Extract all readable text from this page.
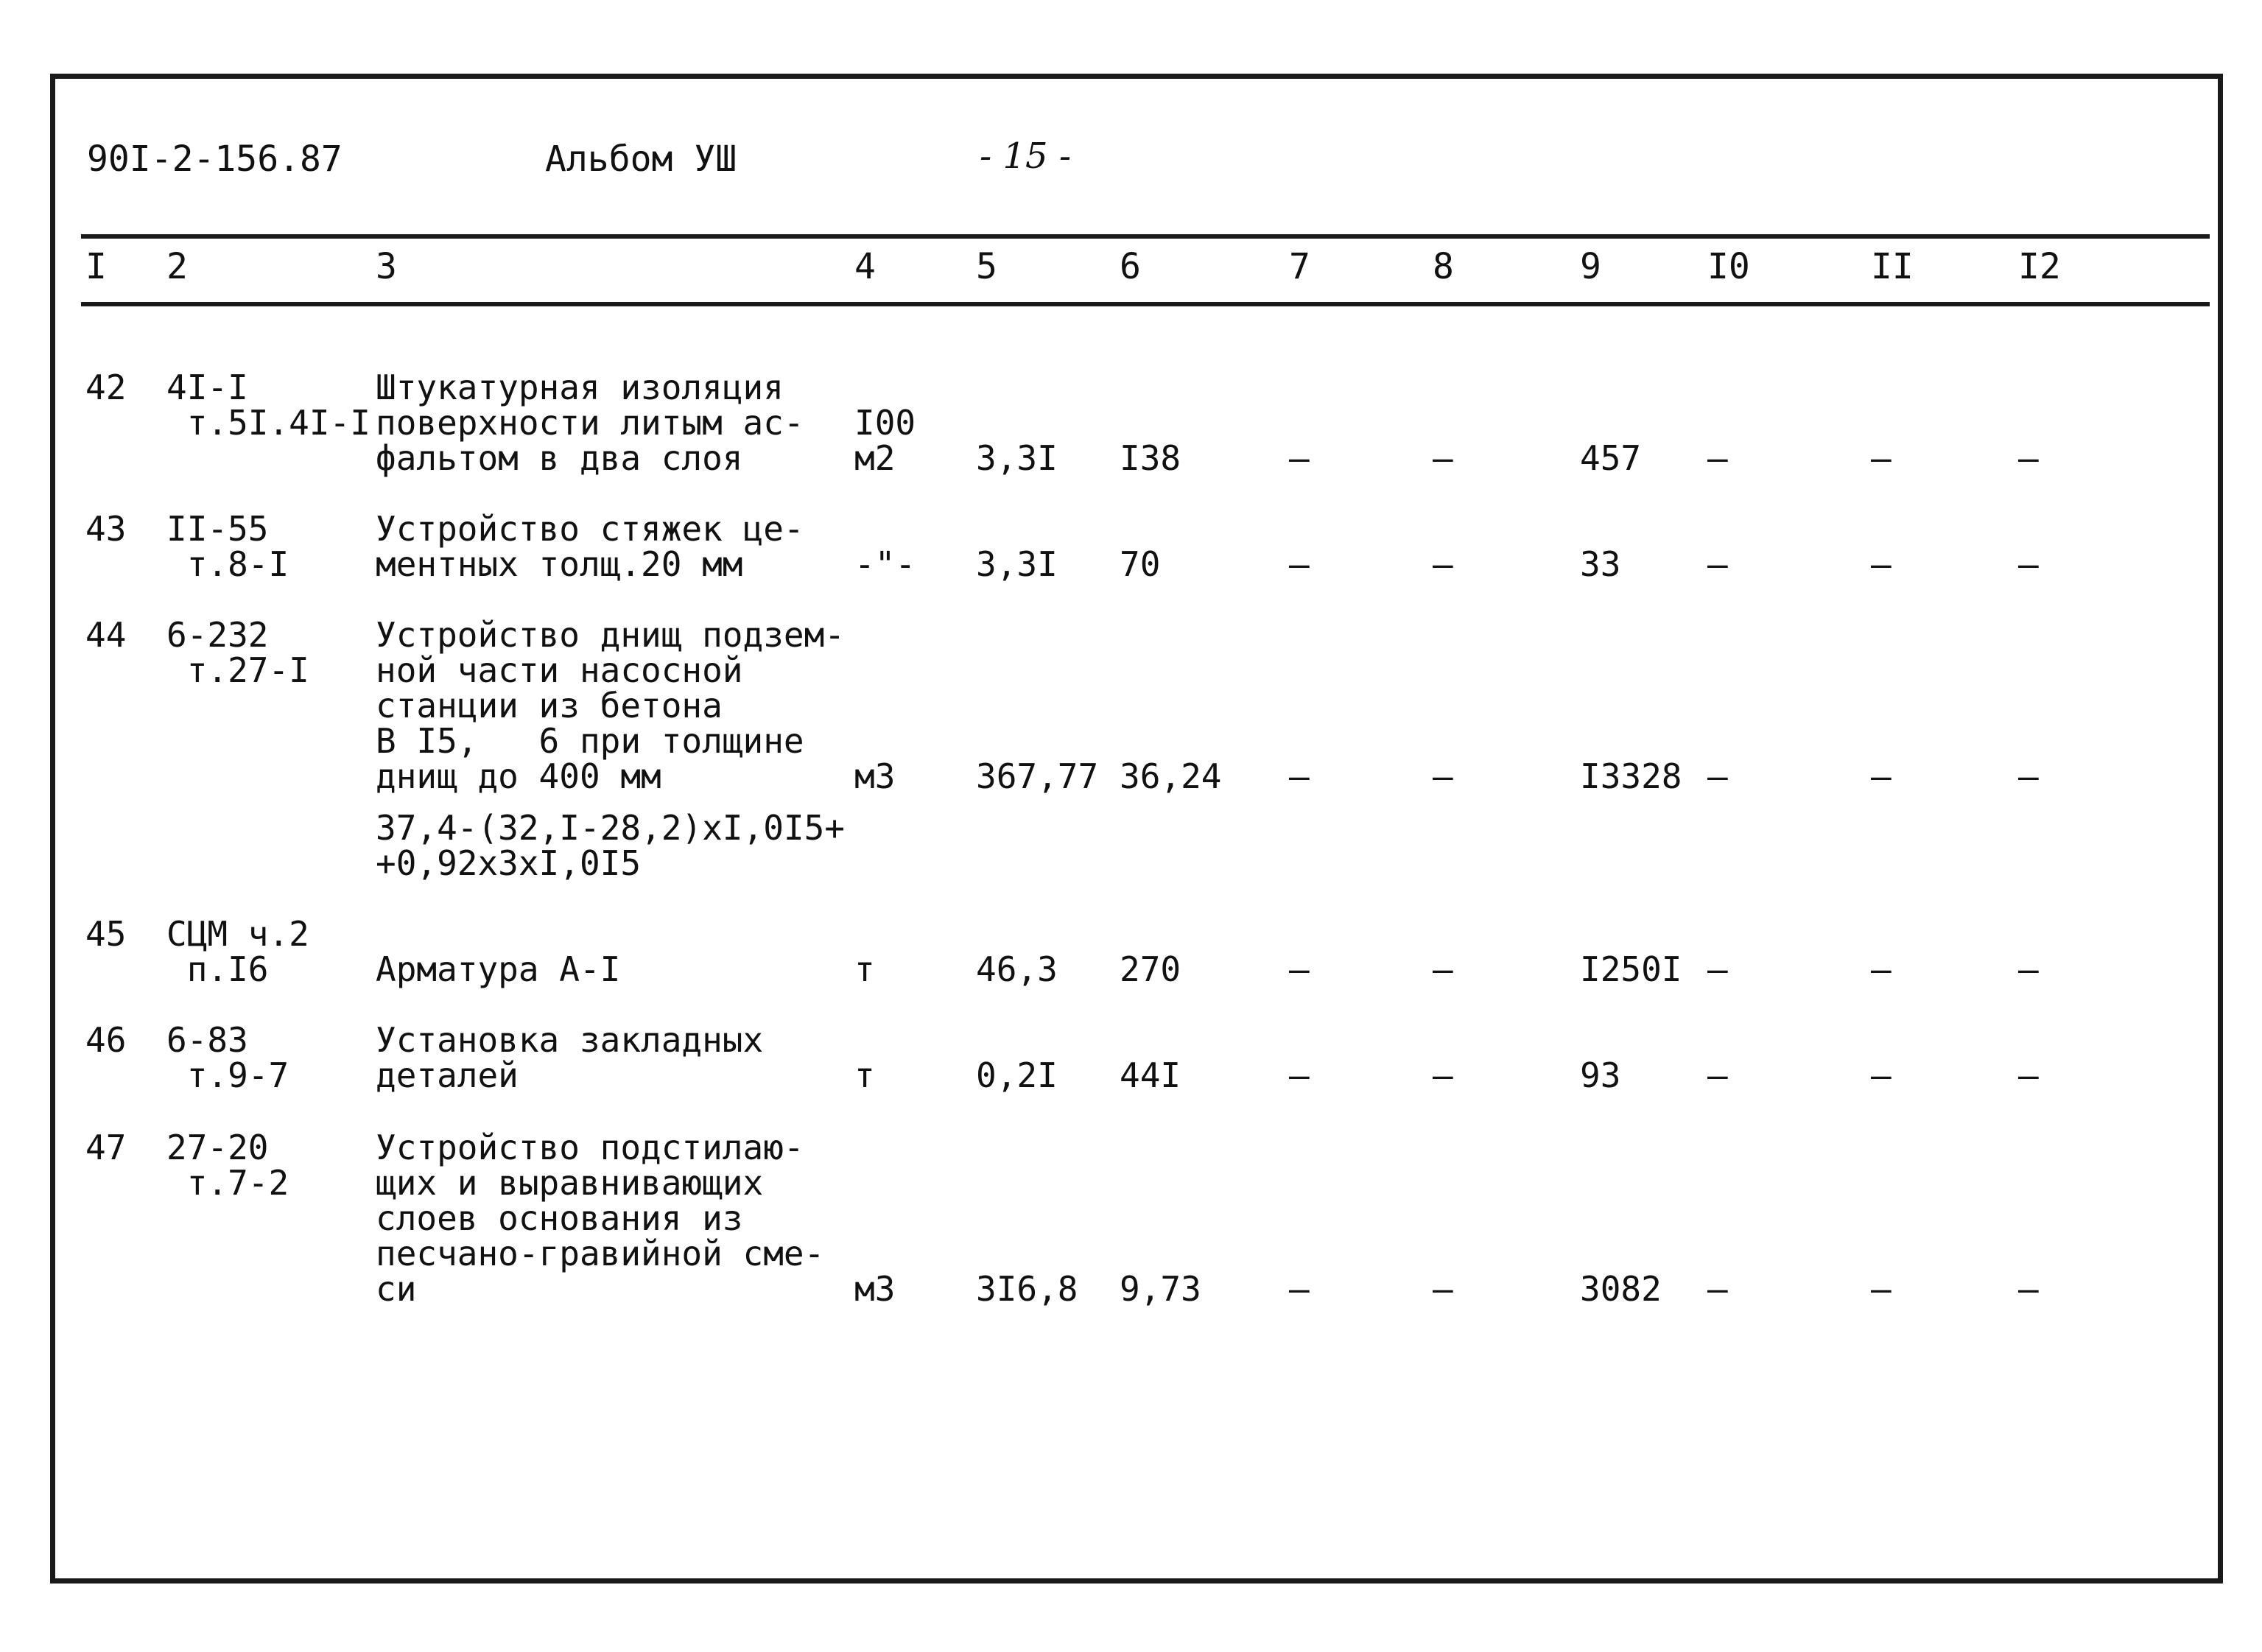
90I-2-156.87	Альбом УШ	- 15 -
I 2	3	4	5	6	7	8	9	I0	II	I2
42 4I-I
т.5I.4I-I
Штукатурная изоляция
поверхности литым ас-
фальтом в два слоя
I00
м2	3,3I I38	–	–	457 –	–	–
43 II-55
т.8-I
Устройство стяжек це-
ментных толщ.20 мм	-"- 3,3I 70	–	–	33	–	–	–
44 6-232
т.27-I
Устройство днищ подзем-
ной части насосной
станции из бетона
В I5,   6 при толщине
днищ до 400 мм
37,4-(32,I-28,2)хI,0I5+
+0,92х3хI,0I5
м3 367,77 36,24 –	–	I3328 –	–	–
45 СЦМ ч.2
п.I6	Арматура А-I	т	46,3 270	–	–	I250I –	–	–
46 6-83
т.9-7
Установка закладных
деталей	т	0,2I 44I	–	–	93	–	–	–
47 27-20
т.7-2
Устройство подстилаю-
щих и выравнивающих
слоев основания из
песчано-гравийной сме-
си	м3 3I6,8 9,73	–	–	3082 –	–	–
